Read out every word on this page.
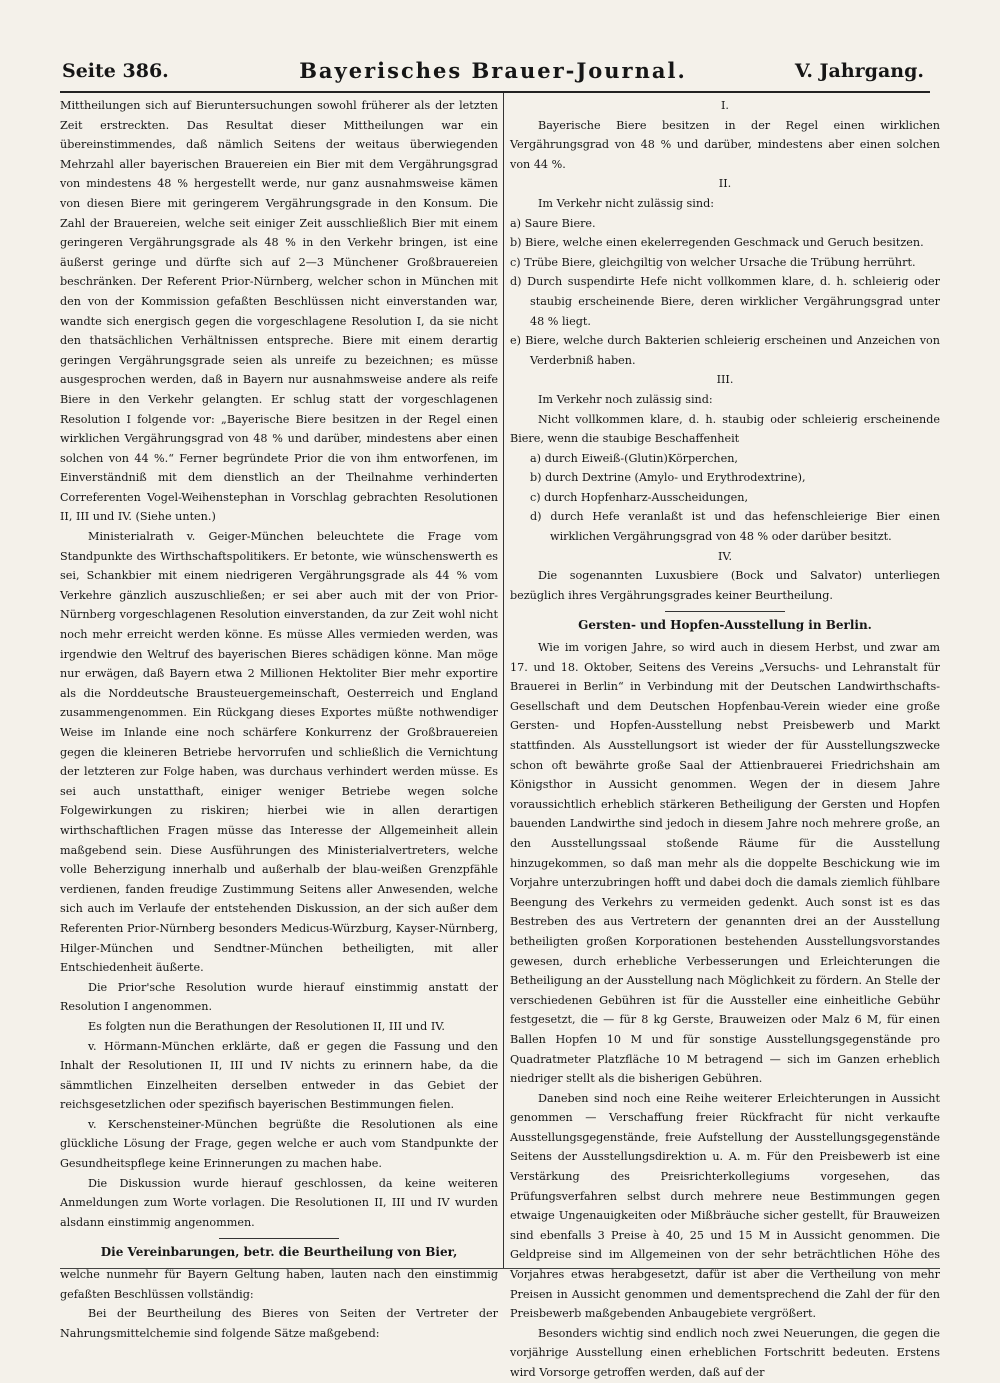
Seite 386.	Bayerisches Brauer-Journal.	V. Jahrgang.

Mittheilungen sich auf Bieruntersuchungen sowohl früherer als der letzten Zeit erstreckten. Das Resultat dieser Mittheilungen war ein übereinstimmendes, daß nämlich Seitens der weitaus überwiegenden Mehrzahl aller bayerischen Brauereien ein Bier mit dem Vergährungsgrad von mindestens 48 % hergestellt werde, nur ganz ausnahmsweise kämen von diesen Biere mit geringerem Vergährungsgrade in den Konsum. Die Zahl der Brauereien, welche seit einiger Zeit ausschließlich Bier mit einem geringeren Vergährungsgrade als 48 % in den Verkehr bringen, ist eine äußerst geringe und dürfte sich auf 2—3 Münchener Großbrauereien beschränken. Der Referent Prior-Nürnberg, welcher schon in München mit den von der Kommission gefaßten Beschlüssen nicht einverstanden war, wandte sich energisch gegen die vorgeschlagene Resolution I, da sie nicht den thatsächlichen Verhältnissen entspreche. Biere mit einem derartig geringen Vergährungsgrade seien als unreife zu bezeichnen; es müsse ausgesprochen werden, daß in Bayern nur ausnahmsweise andere als reife Biere in den Verkehr gelangten. Er schlug statt der vorgeschlagenen Resolution I folgende vor: „Bayerische Biere besitzen in der Regel einen wirklichen Vergährungsgrad von 48 % und darüber, mindestens aber einen solchen von 44 %.“ Ferner begründete Prior die von ihm entworfenen, im Einverständniß mit dem dienstlich an der Theilnahme verhinderten Correferenten Vogel-Weihenstephan in Vorschlag gebrachten Resolutionen II, III und IV. (Siehe unten.)

Ministerialrath v. Geiger-München beleuchtete die Frage vom Standpunkte des Wirthschaftspolitikers. Er betonte, wie wünschenswerth es sei, Schankbier mit einem niedrigeren Vergährungsgrade als 44 % vom Verkehre gänzlich auszuschließen; er sei aber auch mit der von Prior-Nürnberg vorgeschlagenen Resolution einverstanden, da zur Zeit wohl nicht noch mehr erreicht werden könne. Es müsse Alles vermieden werden, was irgendwie den Weltruf des bayerischen Bieres schädigen könne. Man möge nur erwägen, daß Bayern etwa 2 Millionen Hektoliter Bier mehr exportire als die Norddeutsche Brausteuergemeinschaft, Oesterreich und England zusammengenommen. Ein Rückgang dieses Exportes müßte nothwendiger Weise im Inlande eine noch schärfere Konkurrenz der Großbrauereien gegen die kleineren Betriebe hervorrufen und schließlich die Vernichtung der letzteren zur Folge haben, was durchaus verhindert werden müsse. Es sei auch unstatthaft, einiger weniger Betriebe wegen solche Folgewirkungen zu riskiren; hierbei wie in allen derartigen wirthschaftlichen Fragen müsse das Interesse der Allgemeinheit allein maßgebend sein. Diese Ausführungen des Ministerialvertreters, welche volle Beherzigung innerhalb und außerhalb der blau-weißen Grenzpfähle verdienen, fanden freudige Zustimmung Seitens aller Anwesenden, welche sich auch im Verlaufe der entstehenden Diskussion, an der sich außer dem Referenten Prior-Nürnberg besonders Medicus-Würzburg, Kayser-Nürnberg, Hilger-München und Sendtner-München betheiligten, mit aller Entschiedenheit äußerte.

Die Prior'sche Resolution wurde hierauf einstimmig anstatt der Resolution I angenommen.

Es folgten nun die Berathungen der Resolutionen II, III und IV.

v. Hörmann-München erklärte, daß er gegen die Fassung und den Inhalt der Resolutionen II, III und IV nichts zu erinnern habe, da die sämmtlichen Einzelheiten derselben entweder in das Gebiet der reichsgesetzlichen oder spezifisch bayerischen Bestimmungen fielen.

v. Kerschensteiner-München begrüßte die Resolutionen als eine glückliche Lösung der Frage, gegen welche er auch vom Standpunkte der Gesundheitspflege keine Erinnerungen zu machen habe.

Die Diskussion wurde hierauf geschlossen, da keine weiteren Anmeldungen zum Worte vorlagen. Die Resolutionen II, III und IV wurden alsdann einstimmig angenommen.

Die Vereinbarungen, betr. die Beurtheilung von Bier,

welche nunmehr für Bayern Geltung haben, lauten nach den einstimmig gefaßten Beschlüssen vollständig:

Bei der Beurtheilung des Bieres von Seiten der Vertreter der Nahrungsmittelchemie sind folgende Sätze maßgebend:

I.

Bayerische Biere besitzen in der Regel einen wirklichen Vergährungsgrad von 48 % und darüber, mindestens aber einen solchen von 44 %.

II.

Im Verkehr nicht zulässig sind:

a) Saure Biere.

b) Biere, welche einen ekelerregenden Geschmack und Geruch besitzen.

c) Trübe Biere, gleichgiltig von welcher Ursache die Trübung herrührt.

d) Durch suspendirte Hefe nicht vollkommen klare, d. h. schleierig oder staubig erscheinende Biere, deren wirklicher Vergährungsgrad unter 48 % liegt.

e) Biere, welche durch Bakterien schleierig erscheinen und Anzeichen von Verderbniß haben.

III.

Im Verkehr noch zulässig sind:

Nicht vollkommen klare, d. h. staubig oder schleierig erscheinende Biere, wenn die staubige Beschaffenheit

a) durch Eiweiß-(Glutin)Körperchen,

b) durch Dextrine (Amylo- und Erythrodextrine),

c) durch Hopfenharz-Ausscheidungen,

d) durch Hefe veranlaßt ist und das hefenschleierige Bier einen wirklichen Vergährungsgrad von 48 % oder darüber besitzt.

IV.

Die sogenannten Luxusbiere (Bock und Salvator) unterliegen bezüglich ihres Vergährungsgrades keiner Beurtheilung.

Gersten- und Hopfen-Ausstellung in Berlin.

Wie im vorigen Jahre, so wird auch in diesem Herbst, und zwar am 17. und 18. Oktober, Seitens des Vereins „Versuchs- und Lehranstalt für Brauerei in Berlin“ in Verbindung mit der Deutschen Landwirthschafts-Gesellschaft und dem Deutschen Hopfenbau-Verein wieder eine große Gersten- und Hopfen-Ausstellung nebst Preisbewerb und Markt stattfinden. Als Ausstellungsort ist wieder der für Ausstellungszwecke schon oft bewährte große Saal der Attienbrauerei Friedrichshain am Königsthor in Aussicht genommen. Wegen der in diesem Jahre voraussichtlich erheblich stärkeren Betheiligung der Gersten und Hopfen bauenden Landwirthe sind jedoch in diesem Jahre noch mehrere große, an den Ausstellungssaal stoßende Räume für die Ausstellung hinzugekommen, so daß man mehr als die doppelte Beschickung wie im Vorjahre unterzubringen hofft und dabei doch die damals ziemlich fühlbare Beengung des Verkehrs zu vermeiden gedenkt. Auch sonst ist es das Bestreben des aus Vertretern der genannten drei an der Ausstellung betheiligten großen Korporationen bestehenden Ausstellungsvorstandes gewesen, durch erhebliche Verbesserungen und Erleichterungen die Betheiligung an der Ausstellung nach Möglichkeit zu fördern. An Stelle der verschiedenen Gebühren ist für die Aussteller eine einheitliche Gebühr festgesetzt, die — für 8 kg Gerste, Brauweizen oder Malz 6 M, für einen Ballen Hopfen 10 M und für sonstige Ausstellungsgegenstände pro Quadratmeter Platzfläche 10 M betragend — sich im Ganzen erheblich niedriger stellt als die bisherigen Gebühren.

Daneben sind noch eine Reihe weiterer Erleichterungen in Aussicht genommen — Verschaffung freier Rückfracht für nicht verkaufte Ausstellungsgegenstände, freie Aufstellung der Ausstellungsgegenstände Seitens der Ausstellungsdirektion u. A. m. Für den Preisbewerb ist eine Verstärkung des Preisrichterkollegiums vorgesehen, das Prüfungsverfahren selbst durch mehrere neue Bestimmungen gegen etwaige Ungenauigkeiten oder Mißbräuche sicher gestellt, für Brauweizen sind ebenfalls 3 Preise à 40, 25 und 15 M in Aussicht genommen. Die Geldpreise sind im Allgemeinen von der sehr beträchtlichen Höhe des Vorjahres etwas herabgesetzt, dafür ist aber die Vertheilung von mehr Preisen in Aussicht genommen und dementsprechend die Zahl der für den Preisbewerb maßgebenden Anbaugebiete vergrößert.

Besonders wichtig sind endlich noch zwei Neuerungen, die gegen die vorjährige Ausstellung einen erheblichen Fortschritt bedeuten. Erstens wird Vorsorge getroffen werden, daß auf der
